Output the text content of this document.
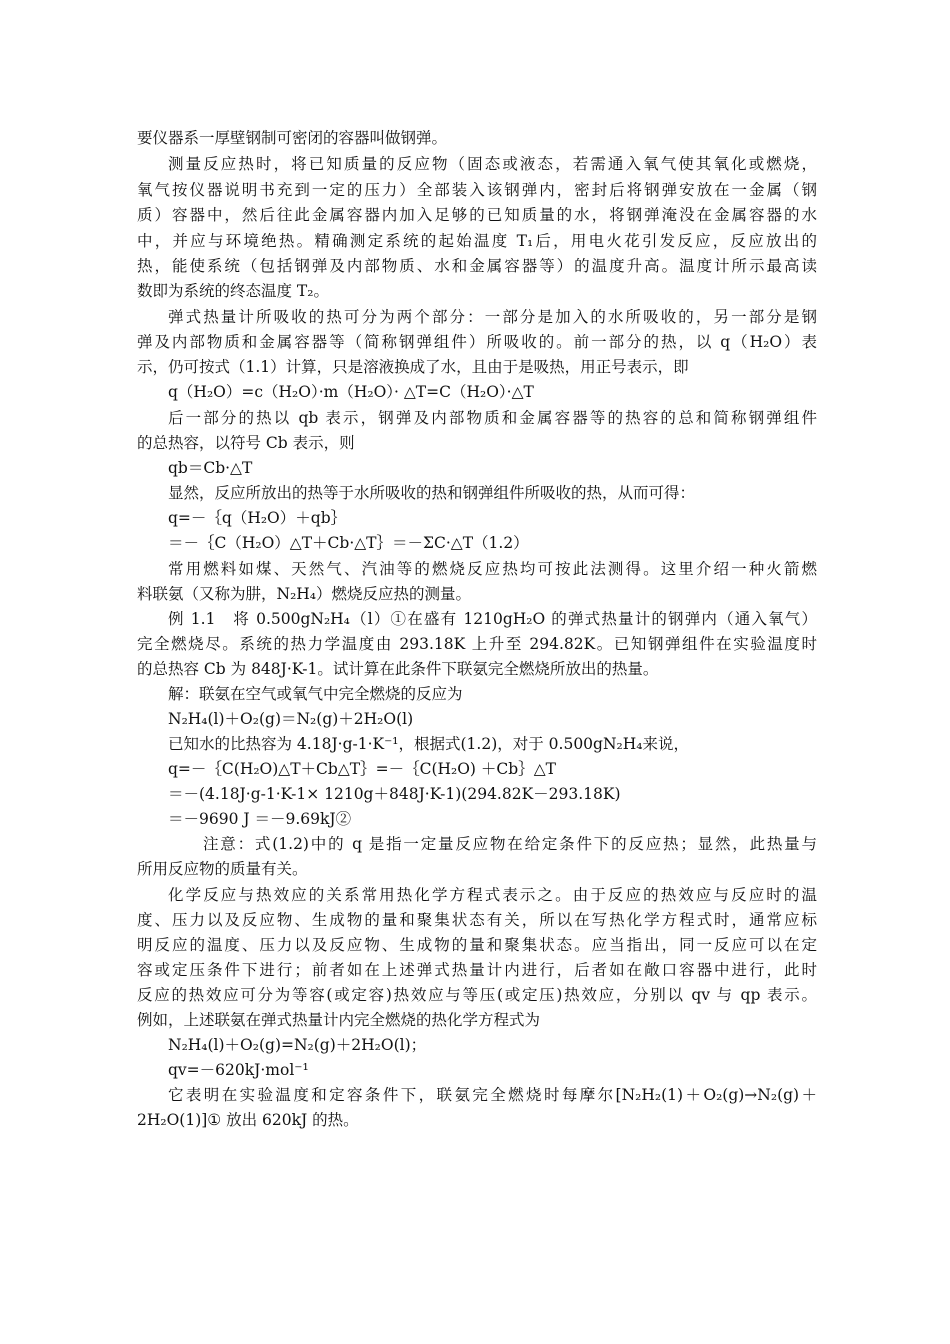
要仪器系一厚壁钢制可密闭的容器叫做钢弹。
测量反应热时，将已知质量的反应物（固态或液态，若需通入氧气使其氧化或燃烧，
氧气按仪器说明书充到一定的压力）全部装入该钢弹内，密封后将钢弹安放在一金属（钢
质）容器中，然后往此金属容器内加入足够的已知质量的水，将钢弹淹没在金属容器的水
中，并应与环境绝热。精确测定系统的起始温度 T₁后，用电火花引发反应，反应放出的
热，能使系统（包括钢弹及内部物质、水和金属容器等）的温度升高。温度计所示最高读
数即为系统的终态温度 T₂。
弹式热量计所吸收的热可分为两个部分：一部分是加入的水所吸收的，另一部分是钢
弹及内部物质和金属容器等（简称钢弹组件）所吸收的。前一部分的热，以 q（H₂O）表
示，仍可按式（1.1）计算，只是溶液换成了水，且由于是吸热，用正号表示，即
q（H₂O）=c（H₂O）·m（H₂O）· △T=C（H₂O）·△T
后一部分的热以 qb 表示，钢弹及内部物质和金属容器等的热容的总和简称钢弹组件
的总热容，以符号 Cb 表示，则
qb＝Cb·△T
显然，反应所放出的热等于水所吸收的热和钢弹组件所吸收的热，从而可得：
q=－｛q（H₂O）＋qb｝
＝－｛C（H₂O）△T＋Cb·△T｝＝－ΣC·△T（1.2）
常用燃料如煤、天然气、汽油等的燃烧反应热均可按此法测得。这里介绍一种火箭燃
料联氨（又称为肼，N₂H₄）燃烧反应热的测量。
例 1.1　将 0.500gN₂H₄（l）①在盛有 1210gH₂O 的弹式热量计的钢弹内（通入氧气）
完全燃烧尽。系统的热力学温度由 293.18K 上升至 294.82K。已知钢弹组件在实验温度时
的总热容 Cb 为 848J·K-1。试计算在此条件下联氨完全燃烧所放出的热量。
解：联氨在空气或氧气中完全燃烧的反应为
N₂H₄(l)＋O₂(g)＝N₂(g)＋2H₂O(l)
已知水的比热容为 4.18J·g-1·K⁻¹，根据式(1.2)，对于 0.500gN₂H₄来说，
q=－｛C(H₂O)△T＋Cb△T｝=－｛C(H₂O) ＋Cb｝△T
＝－(4.18J·g-1·K-1× 1210g＋848J·K-1)(294.82K－293.18K)
＝－9690 J ＝－9.69kJ②
注意：式(1.2)中的 q 是指一定量反应物在给定条件下的反应热；显然，此热量与
所用反应物的质量有关。
化学反应与热效应的关系常用热化学方程式表示之。由于反应的热效应与反应时的温
度、压力以及反应物、生成物的量和聚集状态有关，所以在写热化学方程式时，通常应标
明反应的温度、压力以及反应物、生成物的量和聚集状态。应当指出，同一反应可以在定
容或定压条件下进行；前者如在上述弹式热量计内进行，后者如在敞口容器中进行，此时
反应的热效应可分为等容(或定容)热效应与等压(或定压)热效应，分别以 qv 与 qp 表示。
例如，上述联氨在弹式热量计内完全燃烧的热化学方程式为
N₂H₄(l)＋O₂(g)=N₂(g)＋2H₂O(l)；
qv=－620kJ·mol⁻¹
它表明在实验温度和定容条件下，联氨完全燃烧时每摩尔[N₂H₂(1)＋O₂(g)→N₂(g)＋
2H₂O(1)]① 放出 620kJ 的热。
